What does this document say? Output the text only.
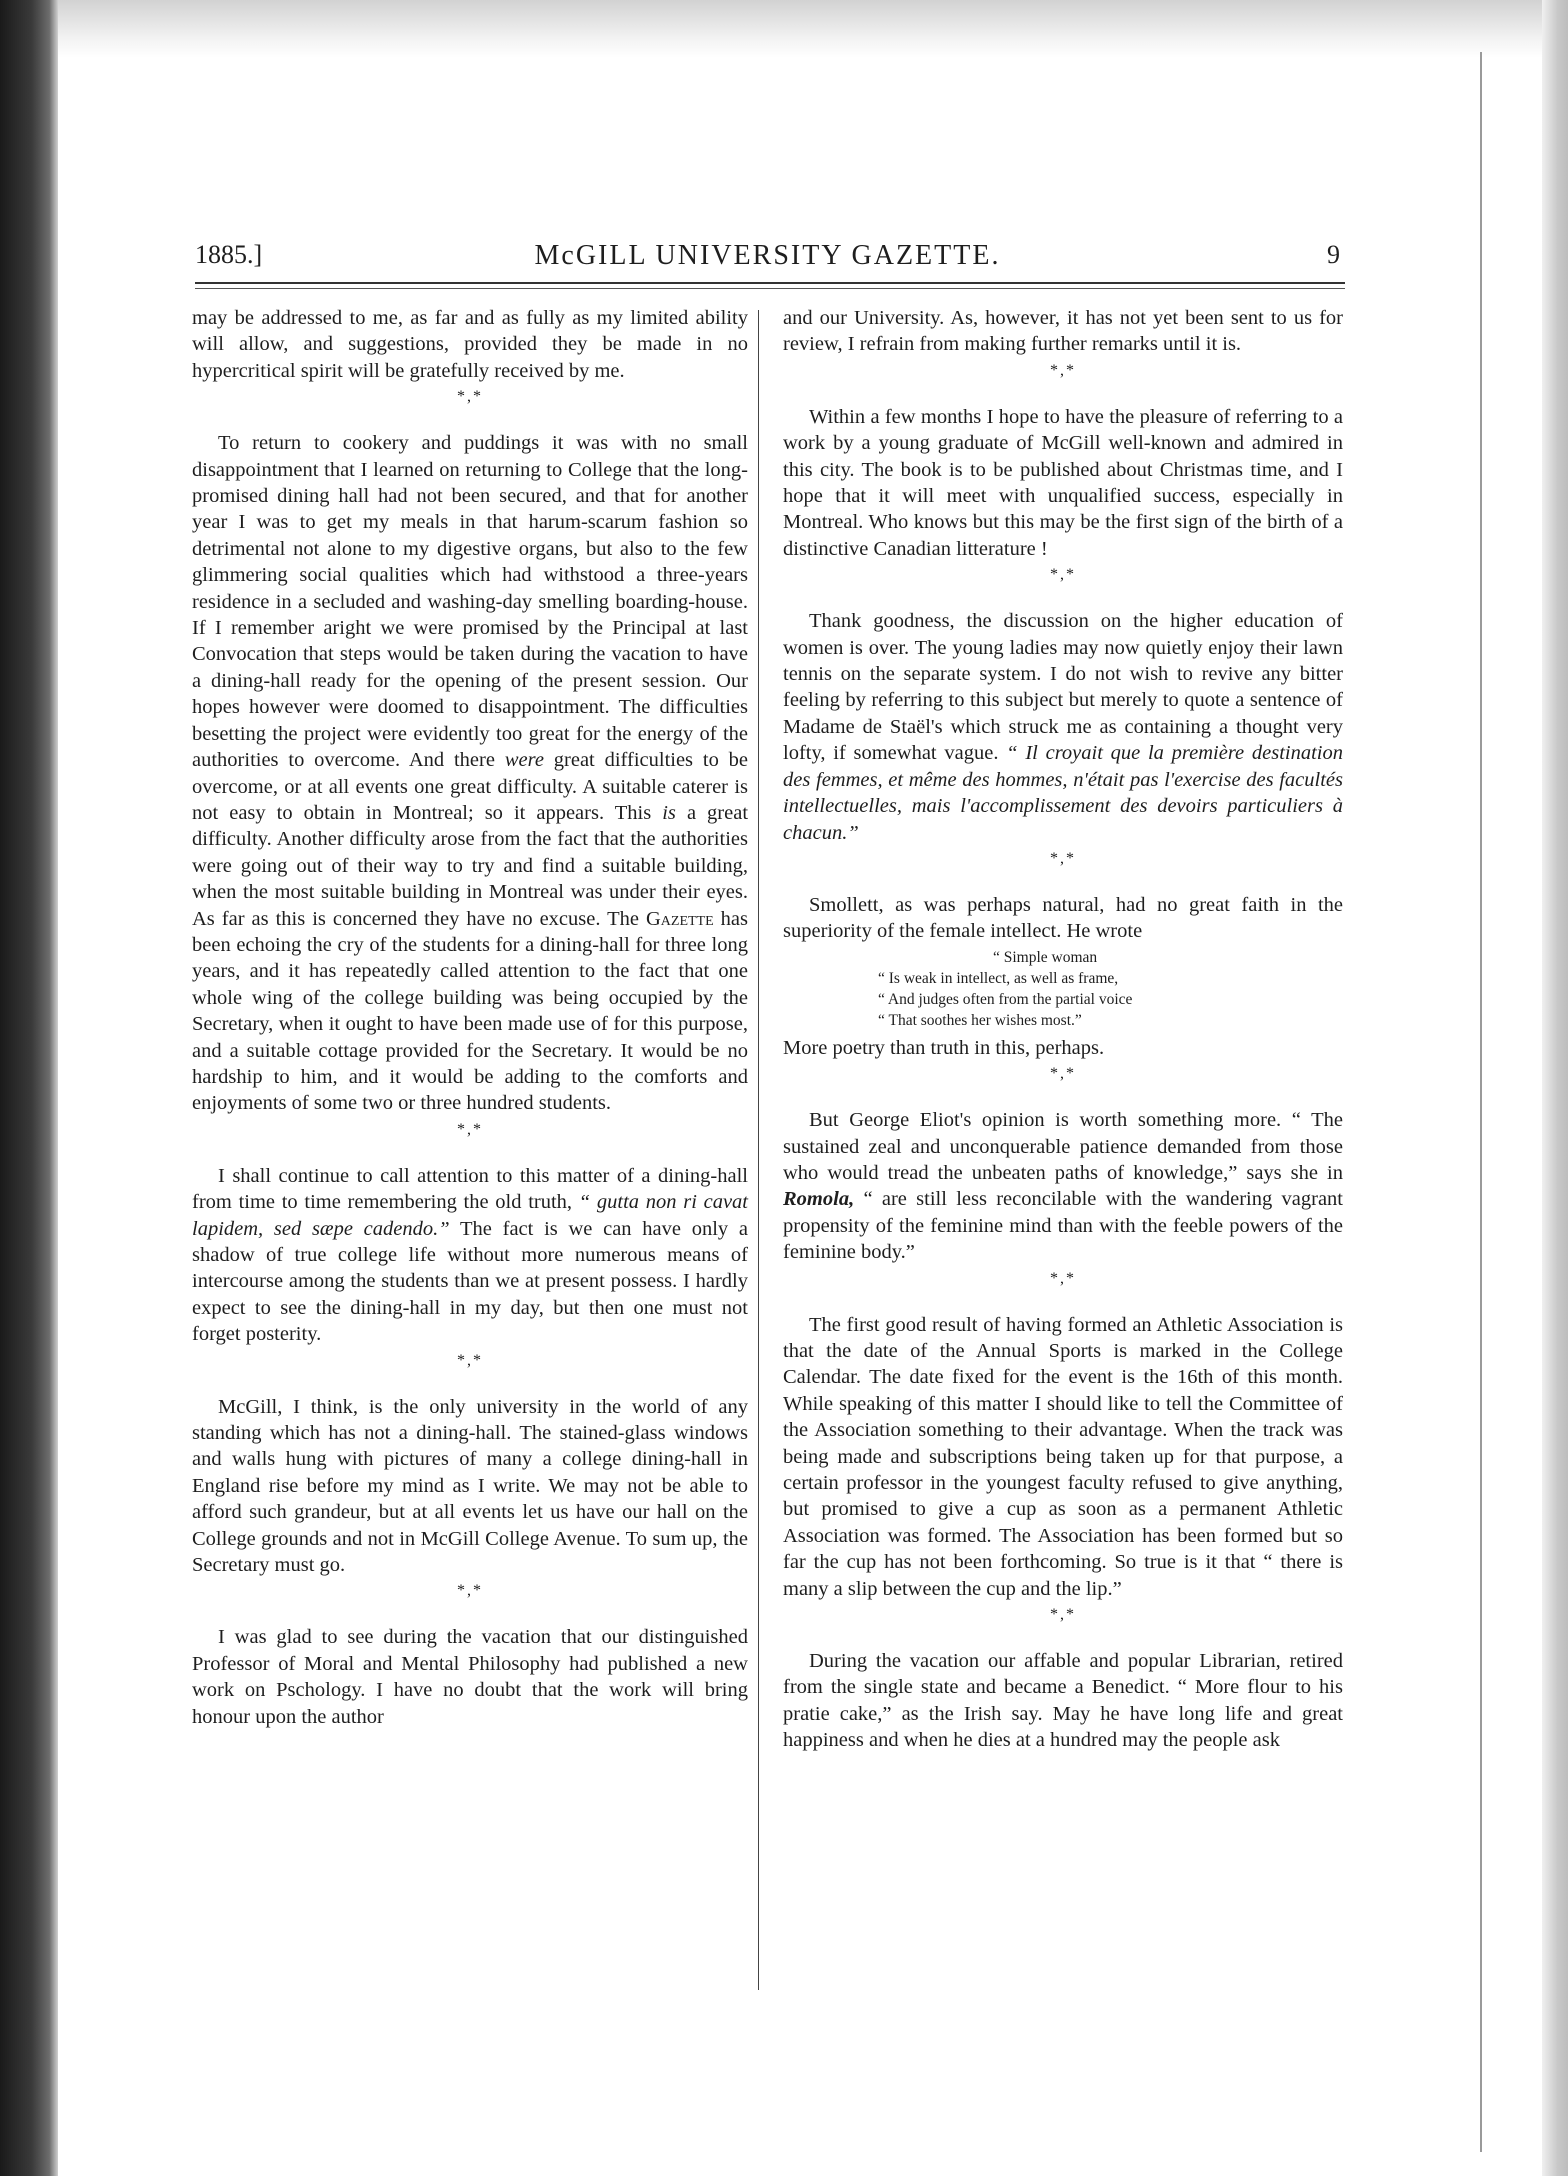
1885.]	McGILL UNIVERSITY GAZETTE.	9

may be addressed to me, as far and as fully as my limited ability will allow, and suggestions, provided they be made in no hypercritical spirit will be gratefully received by me.

*,*

To return to cookery and puddings it was with no small disappointment that I learned on returning to College that the long-promised dining hall had not been secured, and that for another year I was to get my meals in that harum-scarum fashion so detrimental not alone to my digestive organs, but also to the few glimmering social qualities which had withstood a three-years residence in a secluded and washing-day smelling boarding-house. If I remember aright we were promised by the Principal at last Convocation that steps would be taken during the vacation to have a dining-hall ready for the opening of the present session. Our hopes however were doomed to disappointment. The difficulties besetting the project were evidently too great for the energy of the authorities to overcome. And there were great difficulties to be overcome, or at all events one great difficulty. A suitable caterer is not easy to obtain in Montreal; so it appears. This is a great difficulty. Another difficulty arose from the fact that the authorities were going out of their way to try and find a suitable building, when the most suitable building in Montreal was under their eyes. As far as this is concerned they have no excuse. The Gazette has been echoing the cry of the students for a dining-hall for three long years, and it has repeatedly called attention to the fact that one whole wing of the college building was being occupied by the Secretary, when it ought to have been made use of for this purpose, and a suitable cottage provided for the Secretary. It would be no hardship to him, and it would be adding to the comforts and enjoyments of some two or three hundred students.

*,*

I shall continue to call attention to this matter of a dining-hall from time to time remembering the old truth, “ gutta non ri cavat lapidem, sed sæpe cadendo.” The fact is we can have only a shadow of true college life without more numerous means of intercourse among the students than we at present possess. I hardly expect to see the dining-hall in my day, but then one must not forget posterity.

*,*

McGill, I think, is the only university in the world of any standing which has not a dining-hall. The stained-glass windows and walls hung with pictures of many a college dining-hall in England rise before my mind as I write. We may not be able to afford such grandeur, but at all events let us have our hall on the College grounds and not in McGill College Avenue. To sum up, the Secretary must go.

*,*

I was glad to see during the vacation that our distinguished Professor of Moral and Mental Philosophy had published a new work on Pschology. I have no doubt that the work will bring honour upon the author

and our University. As, however, it has not yet been sent to us for review, I refrain from making further remarks until it is.

*,*

Within a few months I hope to have the pleasure of referring to a work by a young graduate of McGill well-known and admired in this city. The book is to be published about Christmas time, and I hope that it will meet with unqualified success, especially in Montreal. Who knows but this may be the first sign of the birth of a distinctive Canadian litterature !

*,*

Thank goodness, the discussion on the higher education of women is over. The young ladies may now quietly enjoy their lawn tennis on the separate system. I do not wish to revive any bitter feeling by referring to this subject but merely to quote a sentence of Madame de Staël's which struck me as containing a thought very lofty, if somewhat vague. “ Il croyait que la première destination des femmes, et même des hommes, n'était pas l'exercise des facultés intellectuelles, mais l'accomplissement des devoirs particuliers à chacun.”

*,*

Smollett, as was perhaps natural, had no great faith in the superiority of the female intellect. He wrote

“ Simple woman
“ Is weak in intellect, as well as frame,
“ And judges often from the partial voice
“ That soothes her wishes most.”

More poetry than truth in this, perhaps.

*,*

But George Eliot's opinion is worth something more. “ The sustained zeal and unconquerable patience demanded from those who would tread the unbeaten paths of knowledge,” says she in Romola, “ are still less reconcilable with the wandering vagrant propensity of the feminine mind than with the feeble powers of the feminine body.”

*,*

The first good result of having formed an Athletic Association is that the date of the Annual Sports is marked in the College Calendar. The date fixed for the event is the 16th of this month. While speaking of this matter I should like to tell the Committee of the Association something to their advantage. When the track was being made and subscriptions being taken up for that purpose, a certain professor in the youngest faculty refused to give anything, but promised to give a cup as soon as a permanent Athletic Association was formed. The Association has been formed but so far the cup has not been forthcoming. So true is it that “ there is many a slip between the cup and the lip.”

*,*

During the vacation our affable and popular Librarian, retired from the single state and became a Benedict. “ More flour to his pratie cake,” as the Irish say. May he have long life and great happiness and when he dies at a hundred may the people ask
